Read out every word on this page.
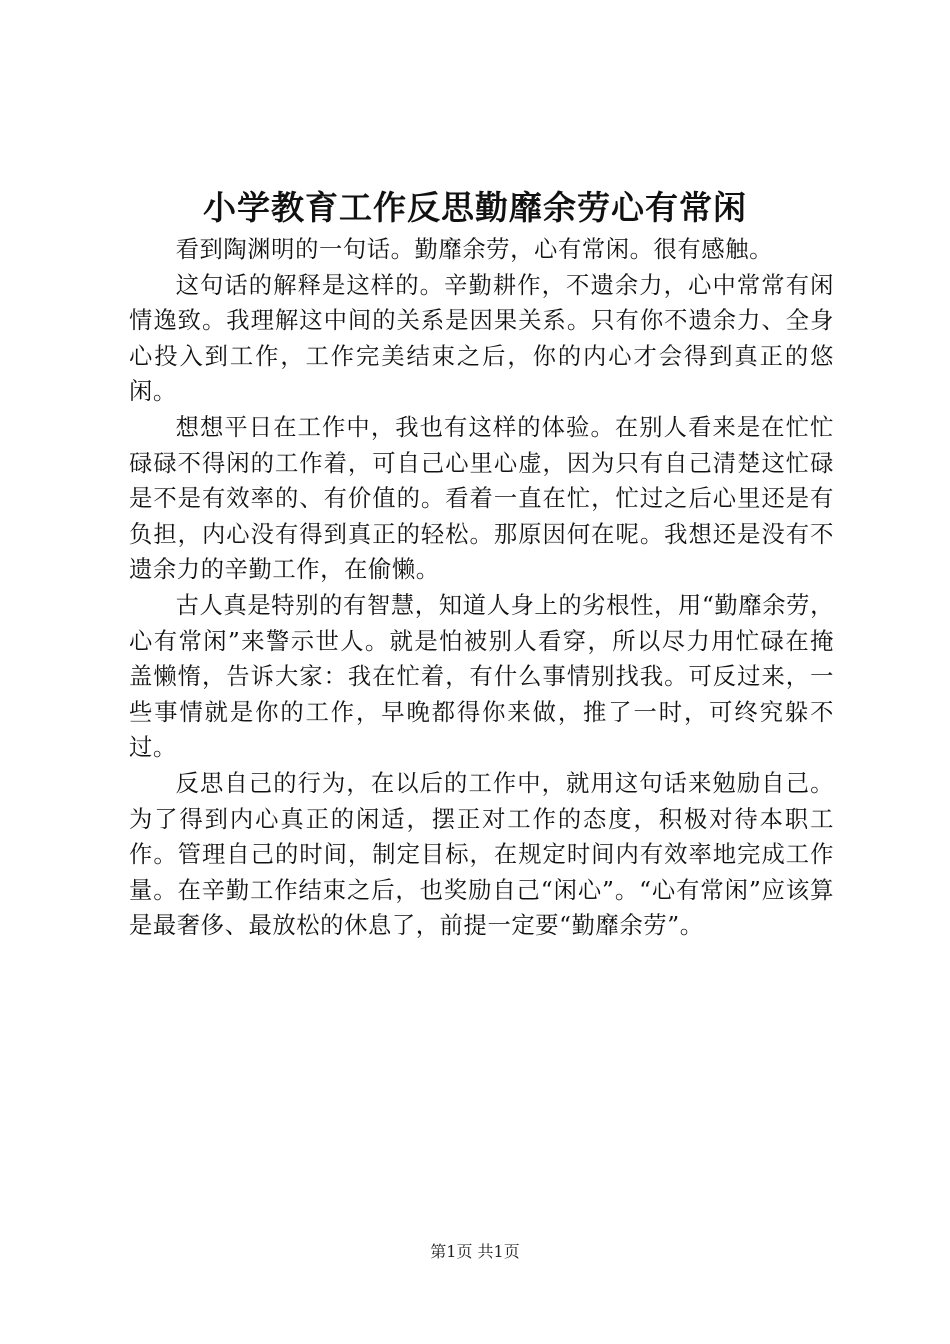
小学教育工作反思勤靡余劳心有常闲

看到陶渊明的一句话。勤靡余劳，心有常闲。很有感触。

这句话的解释是这样的。辛勤耕作，不遗余力，心中常常有闲情逸致。我理解这中间的关系是因果关系。只有你不遗余力、全身心投入到工作，工作完美结束之后，你的内心才会得到真正的悠闲。

想想平日在工作中，我也有这样的体验。在别人看来是在忙忙碌碌不得闲的工作着，可自己心里心虚，因为只有自己清楚这忙碌是不是有效率的、有价值的。看着一直在忙，忙过之后心里还是有负担，内心没有得到真正的轻松。那原因何在呢。我想还是没有不遗余力的辛勤工作，在偷懒。

古人真是特别的有智慧，知道人身上的劣根性，用“勤靡余劳，心有常闲”来警示世人。就是怕被别人看穿，所以尽力用忙碌在掩盖懒惰，告诉大家：我在忙着，有什么事情别找我。可反过来，一些事情就是你的工作，早晚都得你来做，推了一时，可终究躲不过。

反思自己的行为，在以后的工作中，就用这句话来勉励自己。为了得到内心真正的闲适，摆正对工作的态度，积极对待本职工作。管理自己的时间，制定目标，在规定时间内有效率地完成工作量。在辛勤工作结束之后，也奖励自己“闲心”。“心有常闲”应该算是最奢侈、最放松的休息了，前提一定要“勤靡余劳”。

第1页 共1页
